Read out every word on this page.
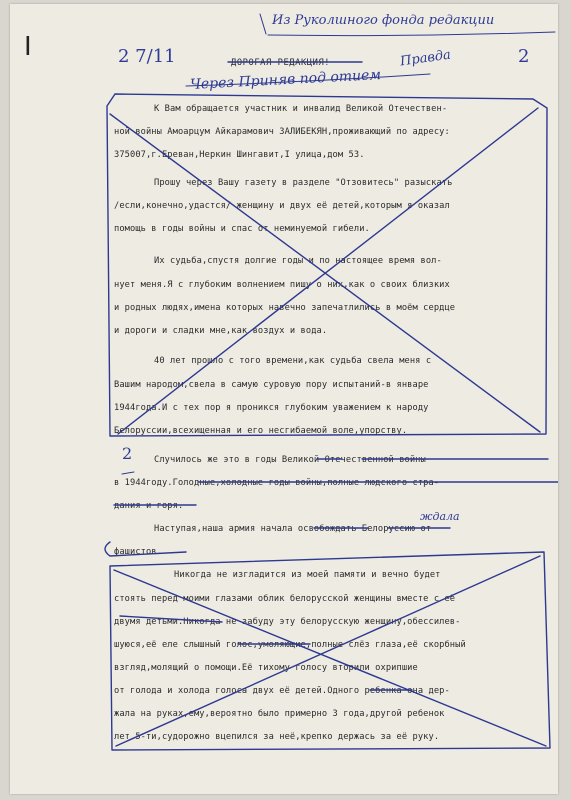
ДОРОГАЯ РЕДАКЦИЯ!
К Вам обращается участник и инвалид Великой Отечествен-
ной войны Амоарцум Айкарамович ЗАЛИБЕКЯН,проживающий по адресу:
375007,г.Ереван,Неркин Шингавит,I улица,дом 53.
Прошу через Вашу газету в разделе "Отзовитесь" разыскать
/если,конечно,удастся/ женщину и двух её детей,которым я оказал
помощь в годы войны и спас от неминуемой гибели.
Их судьба,спустя долгие годы и по настоящее время вол-
нует меня.Я с глубоким волнением пишу о них,как о своих близких
и родных людях,имена которых навечно запечатлились в моём сердце
и дороги и сладки мне,как воздух и вода.
40 лет прошло с того времени,как судьба свела меня с
Вашим народом,свела в самую суровую пору испытаний-в январе
1944года.И с тех пор я проникся глубоким уважением к народу
Белоруссии,всехищенная и его несгибаемой воле,упорству.
Случилось же это в годы Великой Отечественной войны
в 1944году.Голодные,холодные годы войны,полные людского стра-
дания и горя.
Наступая,наша армия начала освобождать Белоруссию от
фашистов.
Никогда не изгладится из моей памяти и вечно будет
стоять перед моими глазами облик белорусской женщины вместе с её
двумя детьми.Никогда не забуду эту белорусскую женщину,обессилев-
шуюся,её еле слышный голос,умоляющие,полные слёз глаза,её скорбный
взгляд,молящий о помощи.Её тихому голосу вторили охрипшие
от голода и холода голоса двух её детей.Одного ребенка она дер-
жала на руках,ему,вероятно было примерно 3 года,другой ребенок
лет 5-ти,судорожно вцепился за неё,крепко держась за её руку.
Из Руколшного фонда редакции
2
2 7/11	Правда
Через Приняв под отием
ждала
2
I
